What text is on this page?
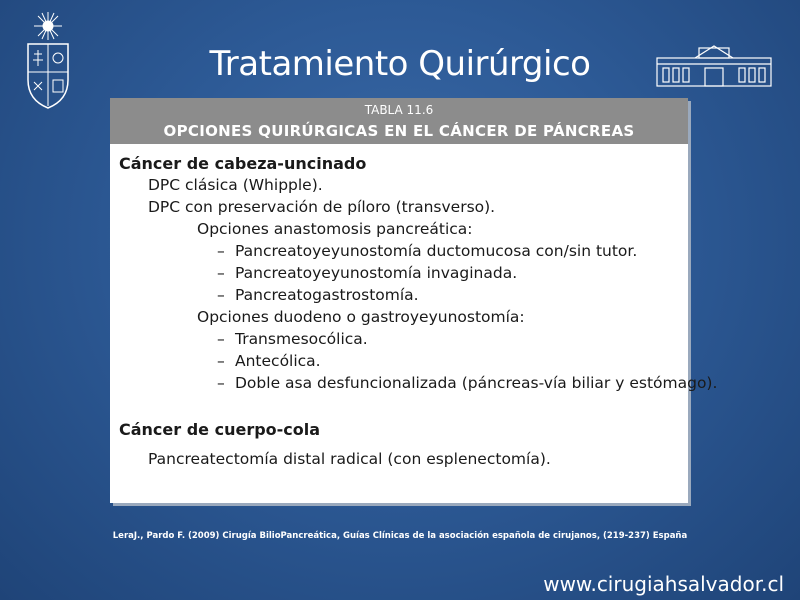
Tratamiento Quirúrgico
TABLA 11.6
OPCIONES QUIRÚRGICAS EN EL CÁNCER DE PÁNCREAS
Cáncer de cabeza-uncinado
DPC clásica (Whipple).
DPC con preservación de píloro (transverso).
Opciones anastomosis pancreática:
– Pancreatoyeyunostomía ductomucosa con/sin tutor.
– Pancreatoyeyunostomía invaginada.
– Pancreatogastrostomía.
Opciones duodeno o gastroyeyunostomía:
– Transmesocólica.
– Antecólica.
– Doble asa desfuncionalizada (páncreas-vía biliar y estómago).
Cáncer de cuerpo-cola
Pancreatectomía distal radical (con esplenectomía).
LeraJ., Pardo F. (2009) Cirugía BilioPancreática, Guías Clínicas de la asociación española de cirujanos, (219-237) España
www.cirugiahsalvador.cl
